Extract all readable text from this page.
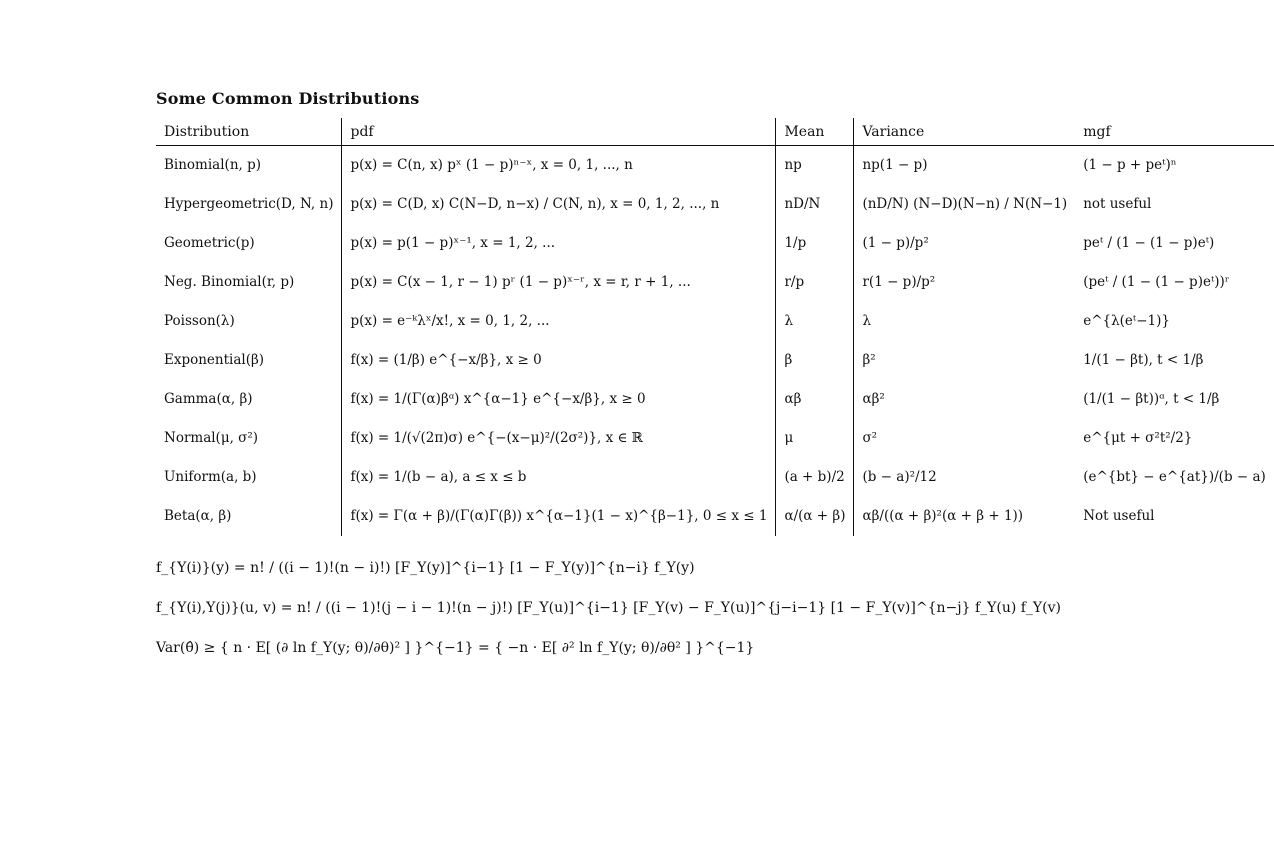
Some Common Distributions
Distribution	pdf	Mean	Variance	mgf
Binomial(n, p)	p(x) = C(n, x) pˣ (1 − p)ⁿ⁻ˣ, x = 0, 1, ..., n	np	np(1 − p)	(1 − p + peᵗ)ⁿ
Hypergeometric(D, N, n)	p(x) = C(D, x) C(N−D, n−x) / C(N, n), x = 0, 1, 2, ..., n	nD/N	(nD/N) (N−D)(N−n) / N(N−1)	not useful
Geometric(p)	p(x) = p(1 − p)ˣ⁻¹, x = 1, 2, ...	1/p	(1 − p)/p²	peᵗ / (1 − (1 − p)eᵗ)
Neg. Binomial(r, p)	p(x) = C(x − 1, r − 1) pʳ (1 − p)ˣ⁻ʳ, x = r, r + 1, ...	r/p	r(1 − p)/p²	(peᵗ / (1 − (1 − p)eᵗ))ʳ
Poisson(λ)	p(x) = e⁻ᵏλˣ/x!, x = 0, 1, 2, ...	λ	λ	e^{λ(eᵗ−1)}
Exponential(β)	f(x) = (1/β) e^{−x/β}, x ≥ 0	β	β²	1/(1 − βt), t < 1/β
Gamma(α, β)	f(x) = 1/(Γ(α)βᵅ) x^{α−1} e^{−x/β}, x ≥ 0	αβ	αβ²	(1/(1 − βt))ᵅ, t < 1/β
Normal(μ, σ²)	f(x) = 1/(√(2π)σ) e^{−(x−μ)²/(2σ²)}, x ∈ ℝ	μ	σ²	e^{μt + σ²t²/2}
Uniform(a, b)	f(x) = 1/(b − a), a ≤ x ≤ b	(a + b)/2	(b − a)²/12	(e^{bt} − e^{at})/(b − a)
Beta(α, β)	f(x) = Γ(α + β)/(Γ(α)Γ(β)) x^{α−1}(1 − x)^{β−1}, 0 ≤ x ≤ 1	α/(α + β)	αβ/((α + β)²(α + β + 1))	Not useful
f_{Y(i)}(y) = n! / ((i − 1)!(n − i)!) [F_Y(y)]^{i−1} [1 − F_Y(y)]^{n−i} f_Y(y)
f_{Y(i),Y(j)}(u, v) = n! / ((i − 1)!(j − i − 1)!(n − j)!) [F_Y(u)]^{i−1} [F_Y(v) − F_Y(u)]^{j−i−1} [1 − F_Y(v)]^{n−j} f_Y(u) f_Y(v)
Var(θ̂) ≥ { n · E[ (∂ ln f_Y(y; θ)/∂θ)² ] }^{−1} = { −n · E[ ∂² ln f_Y(y; θ)/∂θ² ] }^{−1}
